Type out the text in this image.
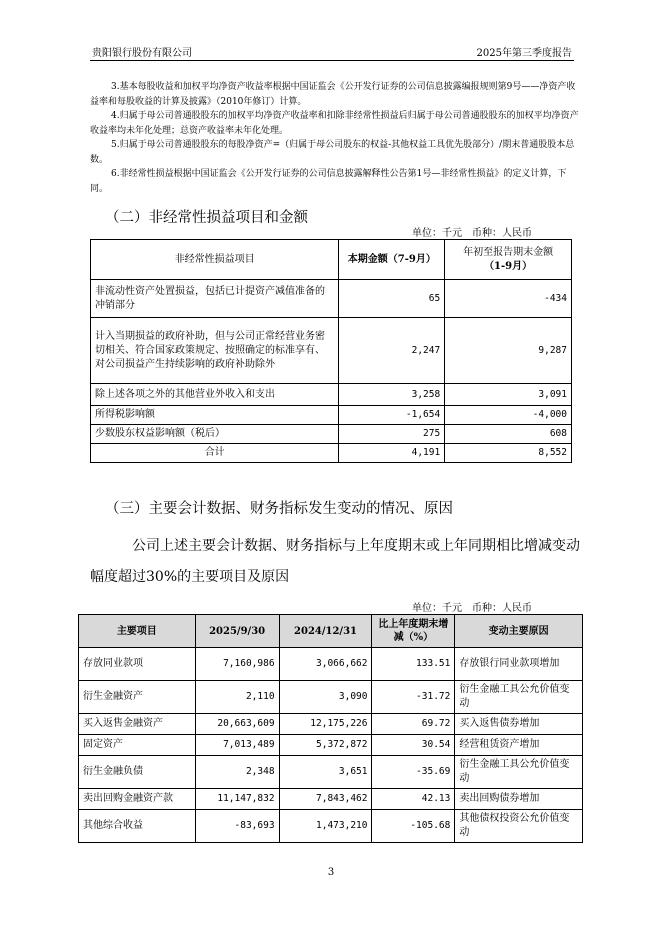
贵阳银行股份有限公司	2025年第三季度报告

3.基本每股收益和加权平均净资产收益率根据中国证监会《公开发行证券的公司信息披露编报规则第9号——净资产收益率和每股收益的计算及披露》（2010年修订）计算。

4.归属于母公司普通股股东的加权平均净资产收益率和扣除非经常性损益后归属于母公司普通股股东的加权平均净资产收益率均未年化处理；总资产收益率未年化处理。

5.归属于母公司普通股股东的每股净资产=（归属于母公司股东的权益-其他权益工具优先股部分）/期末普通股股本总数。

6.非经常性损益根据中国证监会《公开发行证券的公司信息披露解释性公告第1号—非经常性损益》的定义计算，下同。

（二）非经常性损益项目和金额
单位：千元　币种：人民币
非经常性损益项目	本期金额（7-9月）	年初至报告期末金额
（1-9月）
非流动性资产处置损益，包括已计提资产减值准备的冲销部分	65	-434
计入当期损益的政府补助，但与公司正常经营业务密切相关、符合国家政策规定、按照确定的标准享有、对公司损益产生持续影响的政府补助除外	2,247	9,287
除上述各项之外的其他营业外收入和支出	3,258	3,091
所得税影响额	-1,654	-4,000
少数股东权益影响额（税后）	275	608
合计	4,191	8,552
（三）主要会计数据、财务指标发生变动的情况、原因

公司上述主要会计数据、财务指标与上年度期末或上年同期相比增减变动幅度超过30%的主要项目及原因

单位：千元　币种：人民币
主要项目	2025/9/30	2024/12/31	比上年度期末增减（%）	变动主要原因
存放同业款项	7,160,986	3,066,662	133.51	存放银行同业款项增加
衍生金融资产	2,110	3,090	-31.72	衍生金融工具公允价值变动
买入返售金融资产	20,663,609	12,175,226	69.72	买入返售债券增加
固定资产	7,013,489	5,372,872	30.54	经营租赁资产增加
衍生金融负债	2,348	3,651	-35.69	衍生金融工具公允价值变动
卖出回购金融资产款	11,147,832	7,843,462	42.13	卖出回购债券增加
其他综合收益	-83,693	1,473,210	-105.68	其他债权投资公允价值变动
3
